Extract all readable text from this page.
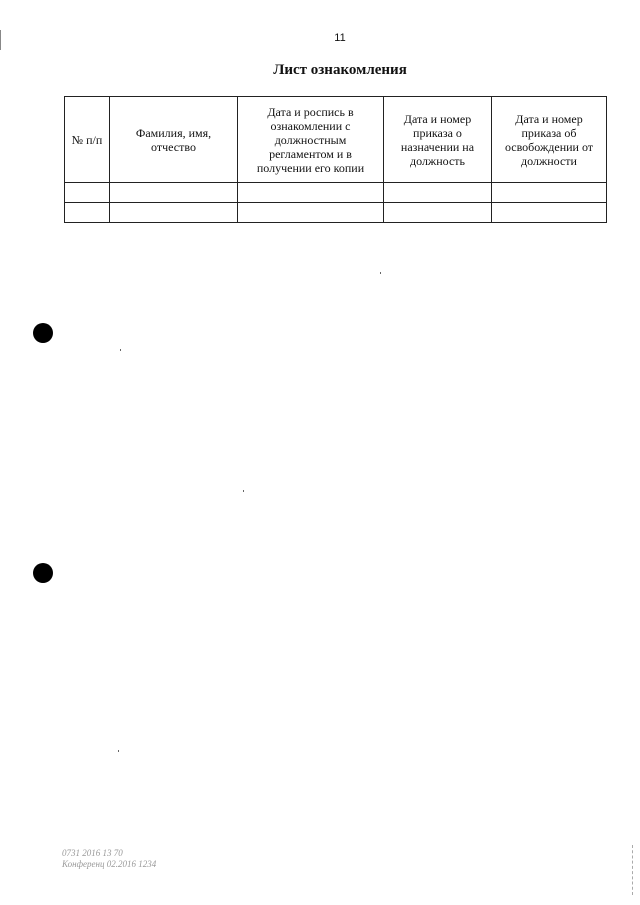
11
Лист ознакомления
№ п/п	Фамилия, имя, отчество	Дата и роспись в ознакомлении с должностным регламентом и в получении его копии	Дата и номер приказа о назначении на должность	Дата и номер приказа об освобождении от должности

0731 2016 13 70
Конференц 02.2016 1234
